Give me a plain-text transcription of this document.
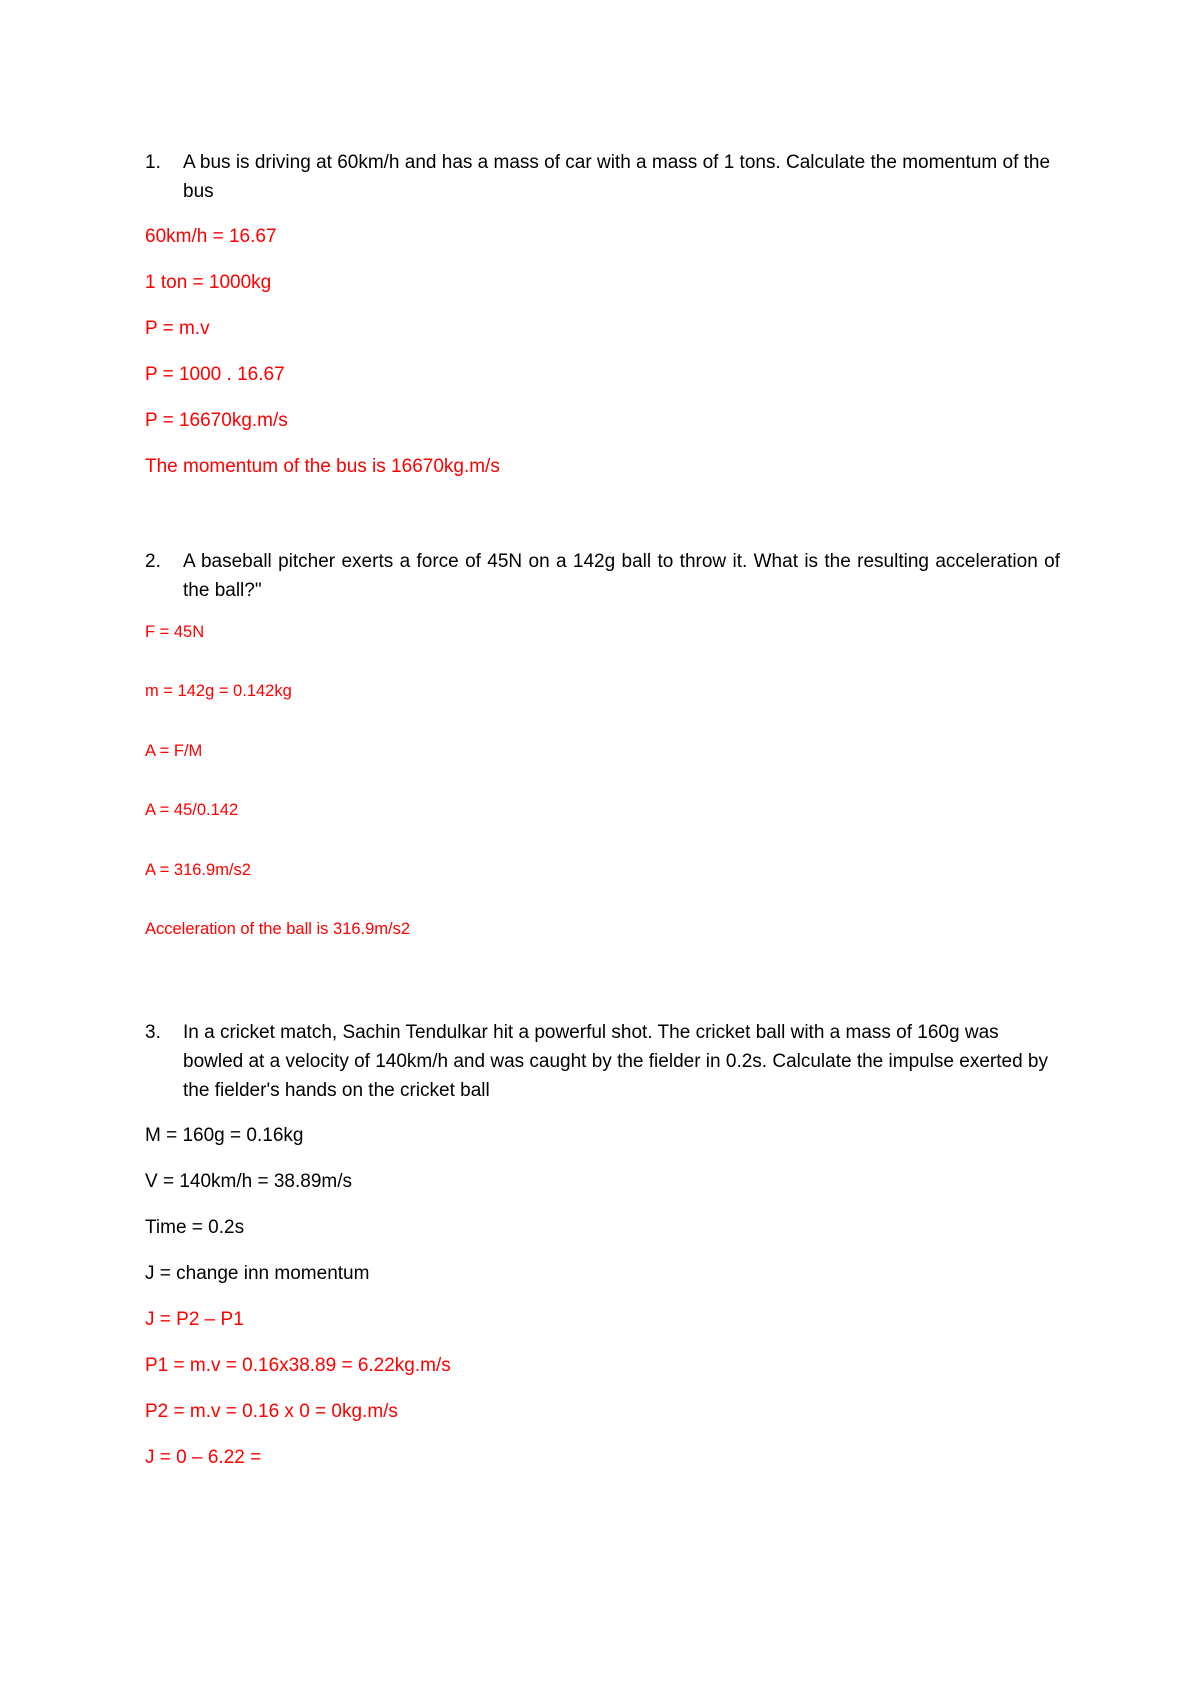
1. A bus is driving at 60km/h and has a mass of car with a mass of 1 tons. Calculate the momentum of the bus
60km/h = 16.67
1 ton = 1000kg
P = m.v
P = 1000 . 16.67
P = 16670kg.m/s
The momentum of the bus is 16670kg.m/s
2. A baseball pitcher exerts a force of 45N on a 142g ball to throw it. What is the resulting acceleration of the ball?"
F = 45N
m = 142g = 0.142kg
A = F/M
A = 45/0.142
A = 316.9m/s2
Acceleration of the ball is 316.9m/s2
3. In a cricket match, Sachin Tendulkar hit a powerful shot. The cricket ball with a mass of 160g was bowled at a velocity of 140km/h and was caught by the fielder in 0.2s. Calculate the impulse exerted by the fielder's hands on the cricket ball
M = 160g = 0.16kg
V = 140km/h = 38.89m/s
Time = 0.2s
J = change inn momentum
J = P2 – P1
P1 = m.v = 0.16x38.89 = 6.22kg.m/s
P2 = m.v = 0.16 x 0 = 0kg.m/s
J = 0 – 6.22 =
